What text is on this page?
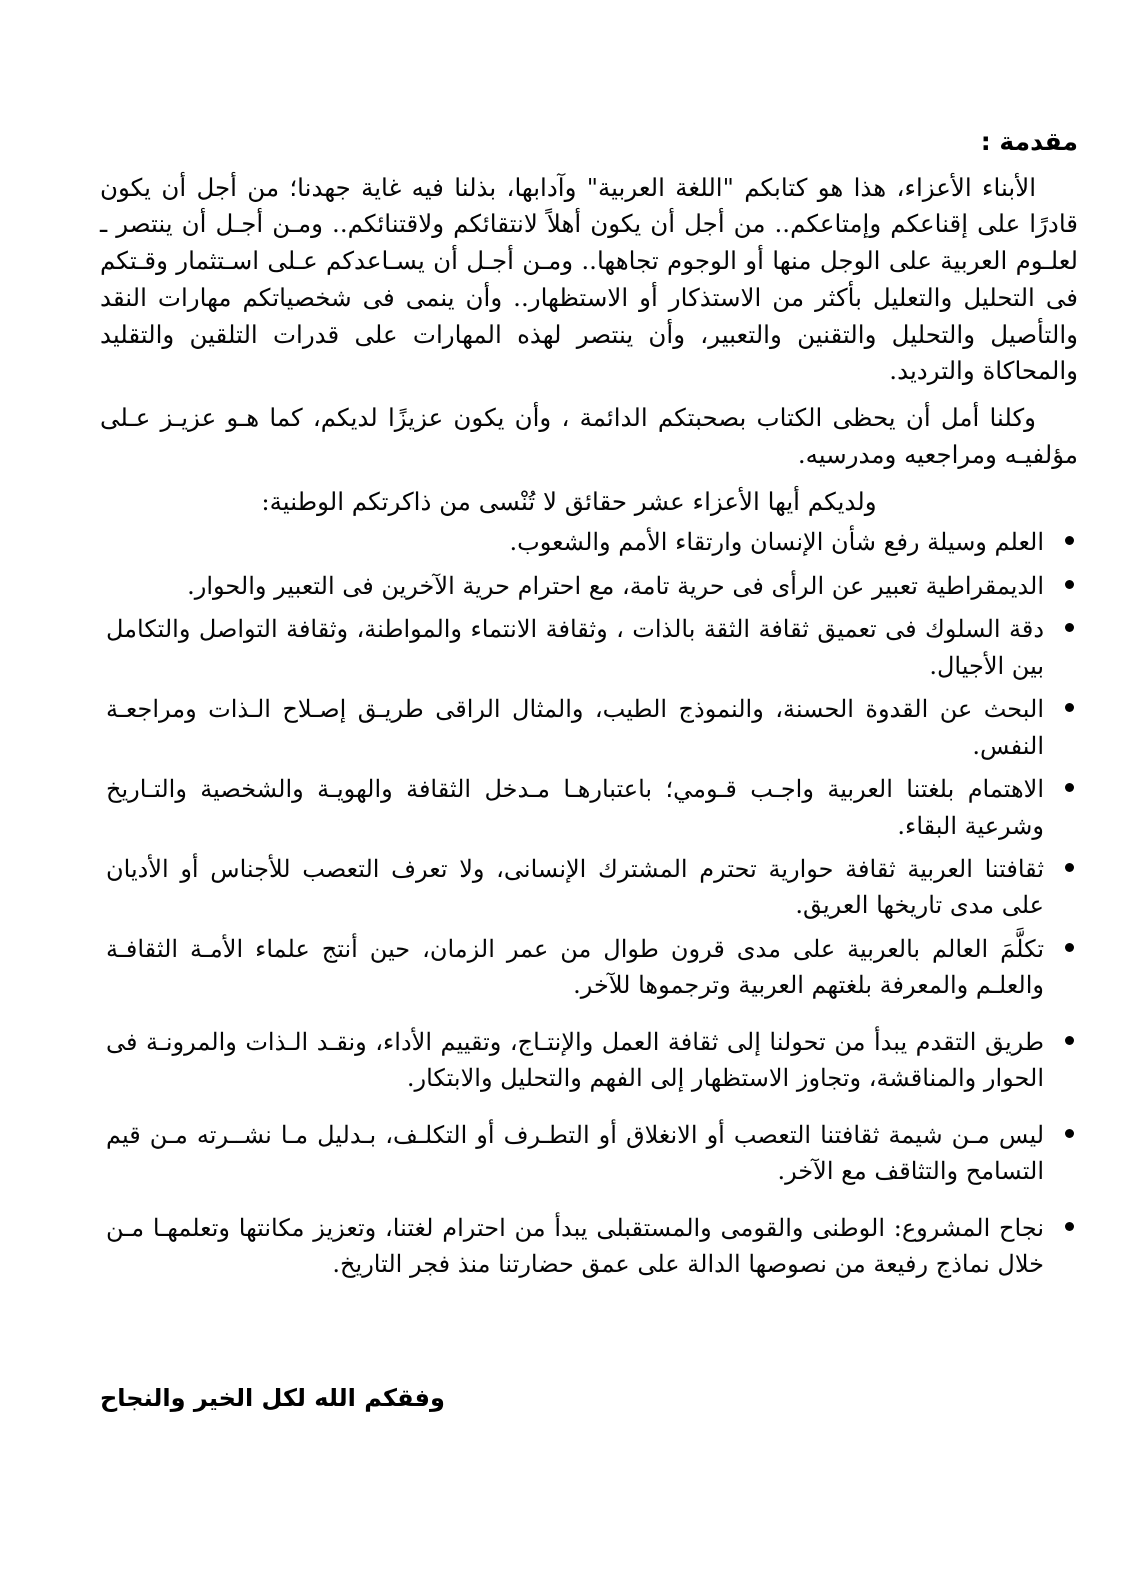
مقدمة :

الأبناء الأعزاء، هذا هو كتابكم "اللغة العربية" وآدابها، بذلنا فيه غاية جهدنا؛ من أجل أن يكون قادرًا على إقناعكم وإمتاعكم.. من أجل أن يكون أهلاً لانتقائكم ولاقتنائكم.. ومـن أجـل أن ينتصر ـ لعلـوم العربية على الوجل منها أو الوجوم تجاهها.. ومـن أجـل أن يسـاعدكم عـلى اسـتثمار وقـتكم فى التحليل والتعليل بأكثر من الاستذكار أو الاستظهار.. وأن ينمى فى شخصياتكم مهارات النقد والتأصيل والتحليل والتقنين والتعبير، وأن ينتصر لهذه المهارات على قدرات التلقين والتقليد والمحاكاة والترديد.

وكلنا أمل أن يحظى الكتاب بصحبتكم الدائمة ، وأن يكون عزيزًا لديكم، كما هـو عزيـز عـلى مؤلفيـه ومراجعيه ومدرسيه.

ولديكم أيها الأعزاء عشر حقائق لا تُنْسى من ذاكرتكم الوطنية:

العلم وسيلة رفع شأن الإنسان وارتقاء الأمم والشعوب.
الديمقراطية تعبير عن الرأى فى حرية تامة، مع احترام حرية الآخرين فى التعبير والحوار.
دقة السلوك فى تعميق ثقافة الثقة بالذات ، وثقافة الانتماء والمواطنة، وثقافة التواصل والتكامل بين الأجيال.
البحث عن القدوة الحسنة، والنموذج الطيب، والمثال الراقى طريـق إصـلاح الـذات ومراجعـة النفس.
الاهتمام بلغتنا العربية واجـب قـومي؛ باعتبارهـا مـدخل الثقافة والهويـة والشخصية والتـاريخ وشرعية البقاء.
ثقافتنا العربية ثقافة حوارية تحترم المشترك الإنسانى، ولا تعرف التعصب للأجناس أو الأديان على مدى تاريخها العريق.
تكلَّمَ العالم بالعربية على مدى قرون طوال من عمر الزمان، حين أنتج علماء الأمـة الثقافـة والعلـم والمعرفة بلغتهم العربية وترجموها للآخر.
طريق التقدم يبدأ من تحولنا إلى ثقافة العمل والإنتـاج، وتقييم الأداء، ونقـد الـذات والمرونـة فى الحوار والمناقشة، وتجاوز الاستظهار إلى الفهم والتحليل والابتكار.
ليس مـن شيمة ثقافتنا التعصب أو الانغلاق أو التطـرف أو التكلـف، بـدليل مـا نشــرته مـن قيم التسامح والتثاقف مع الآخر.
نجاح المشروع: الوطنى والقومى والمستقبلى يبدأ من احترام لغتنا، وتعزيز مكانتها وتعلمهـا مـن خلال نماذج رفيعة من نصوصها الدالة على عمق حضارتنا منذ فجر التاريخ.
وفقكم الله لكل الخير والنجاح
